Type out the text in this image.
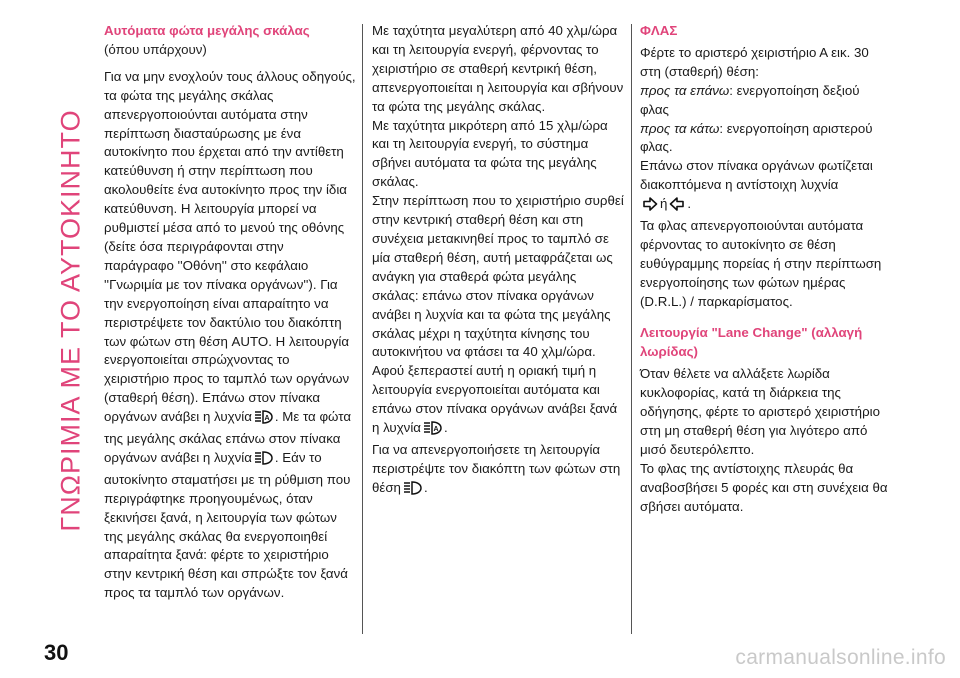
ΓΝΩΡΙΜΙΑ ΜΕ ΤΟ ΑΥΤΟΚΙΝΗΤΟ

Αυτόματα φώτα μεγάλης σκάλας

(όπου υπάρχουν)

Για να μην ενοχλούν τους άλλους οδηγούς, τα φώτα της μεγάλης σκάλας απενεργοποιούνται αυτόματα στην περίπτωση διασταύρωσης με ένα αυτοκίνητο που έρχεται από την αντίθετη κατεύθυνση ή στην περίπτωση που ακολουθείτε ένα αυτοκίνητο προς την ίδια κατεύθυνση. Η λειτουργία μπορεί να ρυθμιστεί μέσα από το μενού της οθόνης (δείτε όσα περιγράφονται στην παράγραφο ''Οθόνη'' στο κεφάλαιο ''Γνωριμία με τον πίνακα οργάνων''). Για την ενεργοποίηση είναι απαραίτητο να περιστρέψετε τον δακτύλιο του διακόπτη των φώτων στη θέση AUTO. Η λειτουργία ενεργοποιείται σπρώχνοντας το χειριστήριο προς το ταμπλό των οργάνων (σταθερή θέση). Επάνω στον πίνακα οργάνων ανάβει η λυχνία A . Με τα φώτα της μεγάλης σκάλας επάνω στον πίνακα οργάνων ανάβει η λυχνία . Εάν το αυτοκίνητο σταματήσει με τη ρύθμιση που περιγράφτηκε προηγουμένως, όταν ξεκινήσει ξανά, η λειτουργία των φώτων της μεγάλης σκάλας θα ενεργοποιηθεί απαραίτητα ξανά: φέρτε το χειριστήριο στην κεντρική θέση και σπρώξτε τον ξανά προς τα ταμπλό των οργάνων.

Με ταχύτητα μεγαλύτερη από 40 χλμ/ώρα και τη λειτουργία ενεργή, φέρνοντας το χειριστήριο σε σταθερή κεντρική θέση, απενεργοποιείται η λειτουργία και σβήνουν τα φώτα της μεγάλης σκάλας.

Με ταχύτητα μικρότερη από 15 χλμ/ώρα και τη λειτουργία ενεργή, το σύστημα σβήνει αυτόματα τα φώτα της μεγάλης σκάλας.

Στην περίπτωση που το χειριστήριο συρθεί στην κεντρική σταθερή θέση και στη συνέχεια μετακινηθεί προς το ταμπλό σε μία σταθερή θέση, αυτή μεταφράζεται ως ανάγκη για σταθερά φώτα μεγάλης σκάλας: επάνω στον πίνακα οργάνων ανάβει η λυχνία και τα φώτα της μεγάλης σκάλας μέχρι η ταχύτητα κίνησης του αυτοκινήτου να φτάσει τα 40 χλμ/ώρα. Αφού ξεπεραστεί αυτή η οριακή τιμή η λειτουργία ενεργοποιείται αυτόματα και επάνω στον πίνακα οργάνων ανάβει ξανά η λυχνία A .

Για να απενεργοποιήσετε τη λειτουργία περιστρέψτε τον διακόπτη των φώτων στη θέση .

ΦΛΑΣ

Φέρτε το αριστερό χειριστήριο Α εικ. 30 στη (σταθερή) θέση:

προς τα επάνω: ενεργοποίηση δεξιού φλας

προς τα κάτω: ενεργοποίηση αριστερού φλας.

Επάνω στον πίνακα οργάνων φωτίζεται διακοπτόμενα η αντίστοιχη λυχνία
ή .

Τα φλας απενεργοποιούνται αυτόματα φέρνοντας το αυτοκίνητο σε θέση ευθύγραμμης πορείας ή στην περίπτωση ενεργοποίησης των φώτων ημέρας (D.R.L.) / παρκαρίσματος.

Λειτουργία "Lane Change" (αλλαγή λωρίδας)

Όταν θέλετε να αλλάξετε λωρίδα κυκλοφορίας, κατά τη διάρκεια της οδήγησης, φέρτε το αριστερό χειριστήριο στη μη σταθερή θέση για λιγότερο από μισό δευτερόλεπτο.

Το φλας της αντίστοιχης πλευράς θα αναβοσβήσει 5 φορές και στη συνέχεια θα σβήσει αυτόματα.

30	carmanualsonline.info
